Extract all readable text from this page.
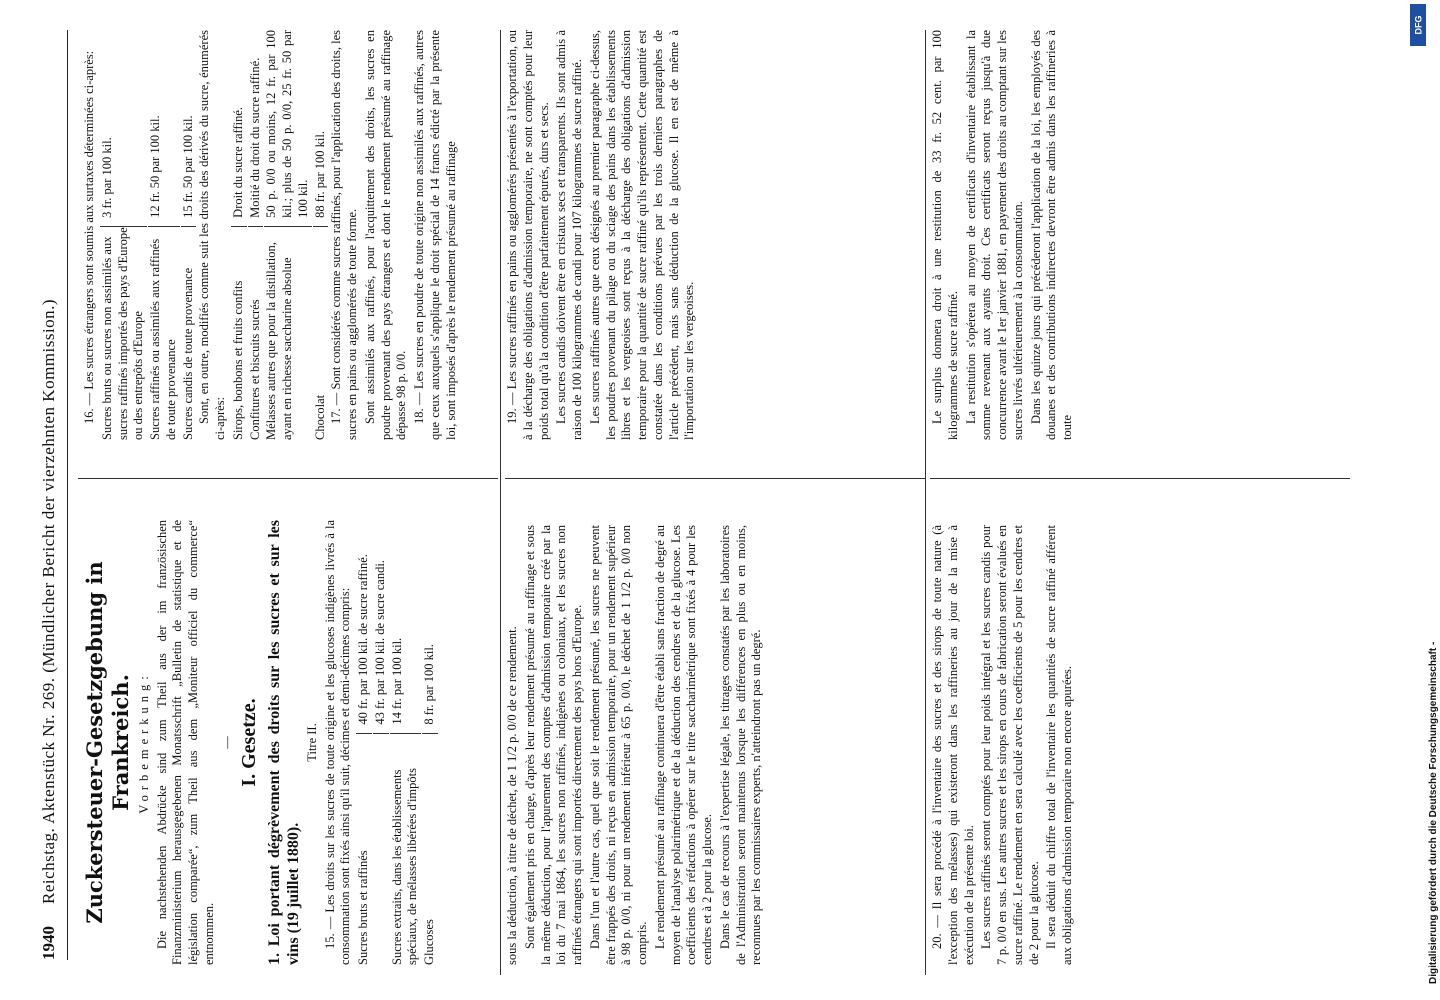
1940
Reichstag. Aktenstück Nr. 269. (Mündlicher Bericht der vierzehnten Kommission.) Zuckersteuer-Gesetzgebung in Frankreich. Vorbemerkung: Die nachstehenden Abdrücke sind zum Theil aus der im französischen Finanzministerium herausgegebenen Monatsschrift „Bulletin de statistique et de législation comparée“, zum Theil aus dem „Moniteur officiel du commerce“ entnommen.

— I. Gesetze. 1. Loi portant dégrèvement des droits sur les sucres et sur les vins (19 juillet 1880).

Titre II. 15. — Les droits sur les sucres de toute origine et les glucoses indigènes livrés à la consommation sont fixés ainsi qu'il suit, décimes et demi-décimes compris: Sucres bruts et raffinés
40 fr. par 100 kil. de sucre raffiné. 43 fr. par 100 kil. de sucre candi.
Sucres extraits, dans les établissements spéciaux, de mélasses libérées d'impôts
14 fr. par 100 kil.
Glucoses
8 fr. par 100 kil.

16. — Les sucres étrangers sont soumis aux surtaxes déterminées ci-après: Sucres bruts ou sucres non assimilés aux sucres raffinés importés des pays d'Europe ou des entrepôts d'Europe
3 fr. par 100 kil.
Sucres raffinés ou assimilés aux raffinés de toute provenance
12 fr. 50 par 100 kil.
Sucres candis de toute provenance
15 fr. 50 par 100 kil. Sont, en outre, modifiés comme suit les droits des dérivés du sucre, énumérés ci-après: Sirops, bonbons et fruits confits
Droit du sucre raffiné.
Confitures et biscuits sucrés
Moitié du droit du sucre raffiné.
Mélasses autres que pour la distillation, ayant en richesse saccharine absolue
50 p. 0/0 ou moins, 12 fr. par 100 kil.; plus de 50 p. 0/0, 25 fr. 50 par 100 kil.
Chocolat
88 fr. par 100 kil. 17. — Sont considérés comme sucres raffinés, pour l'application des droits, les sucres en pains ou agglomérés de toute forme. Sont assimilés aux raffinés, pour l'acquittement des droits, les sucres en poudre provenant des pays étrangers et dont le rendement présumé au raffinage dépasse 98 p. 0/0. 18. — Les sucres en poudre de toute origine non assimilés aux raffinés, autres que ceux auxquels s'applique le droit spécial de 14 francs édicté par la présente loi, sont imposés d'après le rendement présumé au raffinage

sous la déduction, à titre de déchet, de 1 1/2 p. 0/0 de ce rendement. Sont également pris en charge, d'après leur rendement présumé au raffinage et sous la même déduction, pour l'apurement des comptes d'admission temporaire créé par la loi du 7 mai 1864, les sucres non raffinés, indigènes ou coloniaux, et les sucres non raffinés étrangers qui sont importés directement des pays hors d'Europe. Dans l'un et l'autre cas, quel que soit le rendement présumé, les sucres ne peuvent être frappés des droits, ni reçus en admission temporaire, pour un rendement supérieur à 98 p. 0/0, ni pour un rendement inférieur à 65 p. 0/0, le déchet de 1 1/2 p. 0/0 non compris. Le rendement présumé au raffinage continuera d'être établi sans fraction de degré au moyen de l'analyse polarimétrique et de la déduction des cendres et de la glucose. Les coefficients des réfactions à opérer sur le titre saccharimétrique sont fixés à 4 pour les cendres et à 2 pour la glucose. Dans le cas de recours à l'expertise légale, les titrages constatés par les laboratoires de l'Administration seront maintenus lorsque les différences en plus ou en moins, reconnues par les commissaires experts, n'atteindront pas un degré.

19. — Les sucres raffinés en pains ou agglomérés présentés à l'exportation, ou à la décharge des obligations d'admission temporaire, ne sont comptés pour leur poids total qu'à la condition d'être parfaitement épurés, durs et secs. Les sucres candis doivent être en cristaux secs et transparents. Ils sont admis à raison de 100 kilogrammes de candi pour 107 kilogrammes de sucre raffiné. Les sucres raffinés autres que ceux désignés au premier paragraphe ci-dessus, les poudres provenant du pilage ou du sciage des pains dans les établissements libres et les vergeoises sont reçus à la décharge des obligations d'admission temporaire pour la quantité de sucre raffiné qu'ils représentent. Cette quantité est constatée dans les conditions prévues par les trois derniers paragraphes de l'article précédent, mais sans déduction de la glucose. Il en est de même à l'importation sur les vergeoises.

20. — Il sera procédé à l'inventaire des sucres et des sirops de toute nature (à l'exception des mélasses) qui existeront dans les raffineries au jour de la mise à exécution de la présente loi. Les sucres raffinés seront comptés pour leur poids intégral et les sucres candis pour 7 p. 0/0 en sus. Les autres sucres et les sirops en cours de fabrication seront évalués en sucre raffiné. Le rendement en sera calculé avec les coefficients de 5 pour les cendres et de 2 pour la glucose. Il sera déduit du chiffre total de l'inventaire les quantités de sucre raffiné afférent aux obligations d'admission temporaire non encore apurées.

Le surplus donnera droit à une restitution de 33 fr. 52 cent. par 100 kilogrammes de sucre raffiné. La restitution s'opérera au moyen de certificats d'inventaire établissant la somme revenant aux ayants droit. Ces certificats seront reçus jusqu'à due concurrence avant le 1er janvier 1881, en payement des droits au comptant sur les sucres livrés ultérieurement à la consommation. Dans les quinze jours qui précéderont l'application de la loi, les employés des douanes et des contributions indirectes devront être admis dans les raffineries à toute

Digitalisierung gefördert durch die Deutsche Forschungsgemeinschaft -
DFG
